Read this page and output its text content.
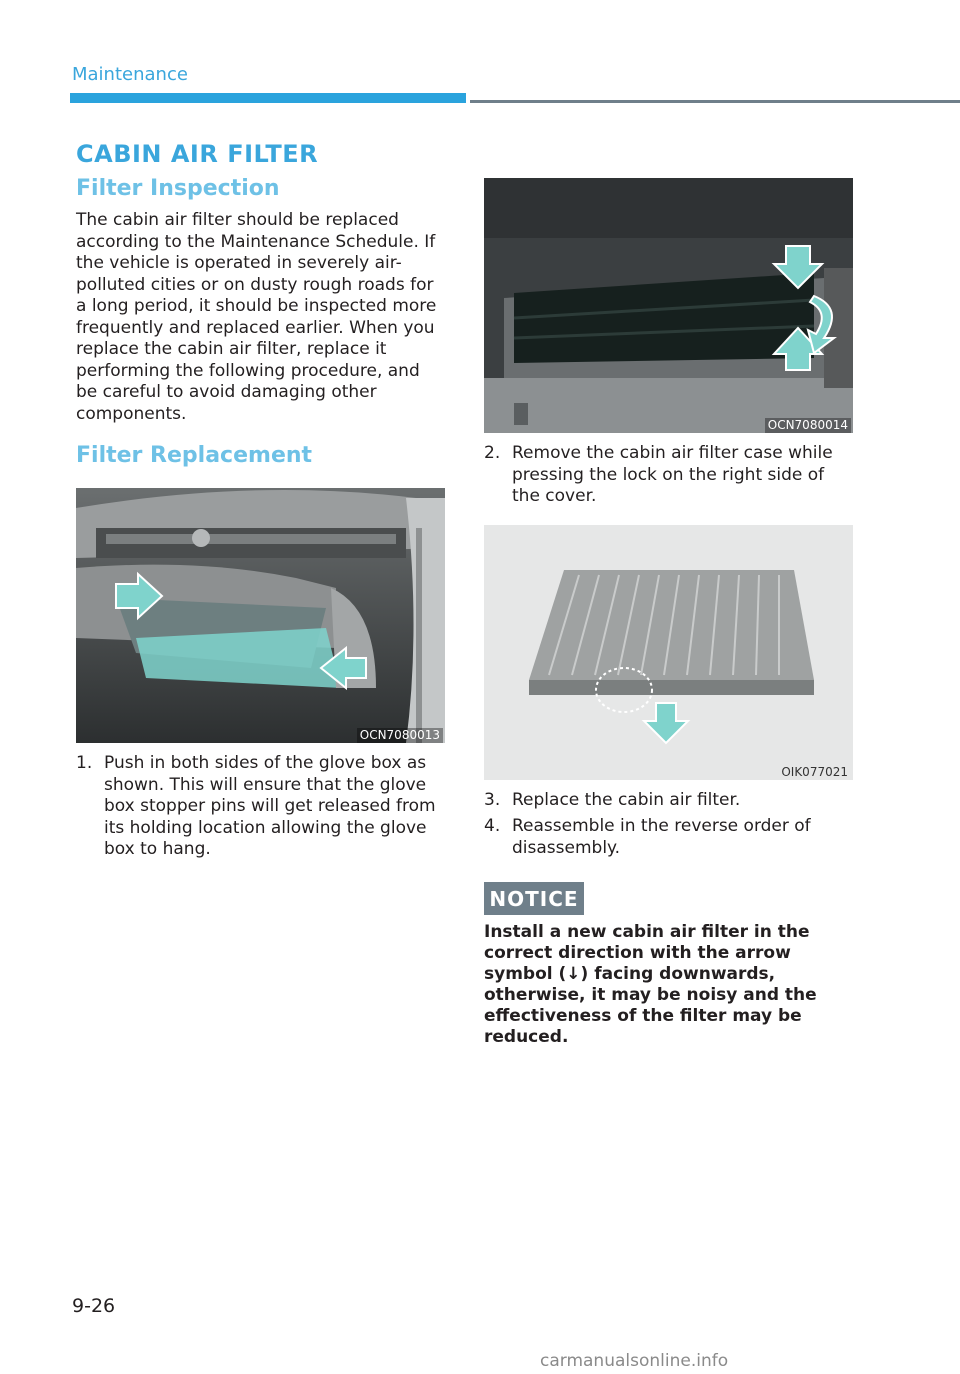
Maintenance
CABIN AIR FILTER
Filter Inspection
The cabin air filter should be replaced according to the Maintenance Schedule. If the vehicle is operated in severely air-polluted cities or on dusty rough roads for a long period, it should be inspected more frequently and replaced earlier. When you replace the cabin air filter, replace it performing the following procedure, and be careful to avoid damaging other components.
Filter Replacement
OCN7080013
1. Push in both sides of the glove box as shown. This will ensure that the glove box stopper pins will get released from its holding location allowing the glove box to hang.
OCN7080014
2. Remove the cabin air filter case while pressing the lock on the right side of the cover.
OIK077021
3. Replace the cabin air filter.
4. Reassemble in the reverse order of disassembly.
NOTICE
Install a new cabin air filter in the correct direction with the arrow symbol (↓) facing downwards, otherwise, it may be noisy and the effectiveness of the filter may be reduced.
9-26
carmanualsonline.info
